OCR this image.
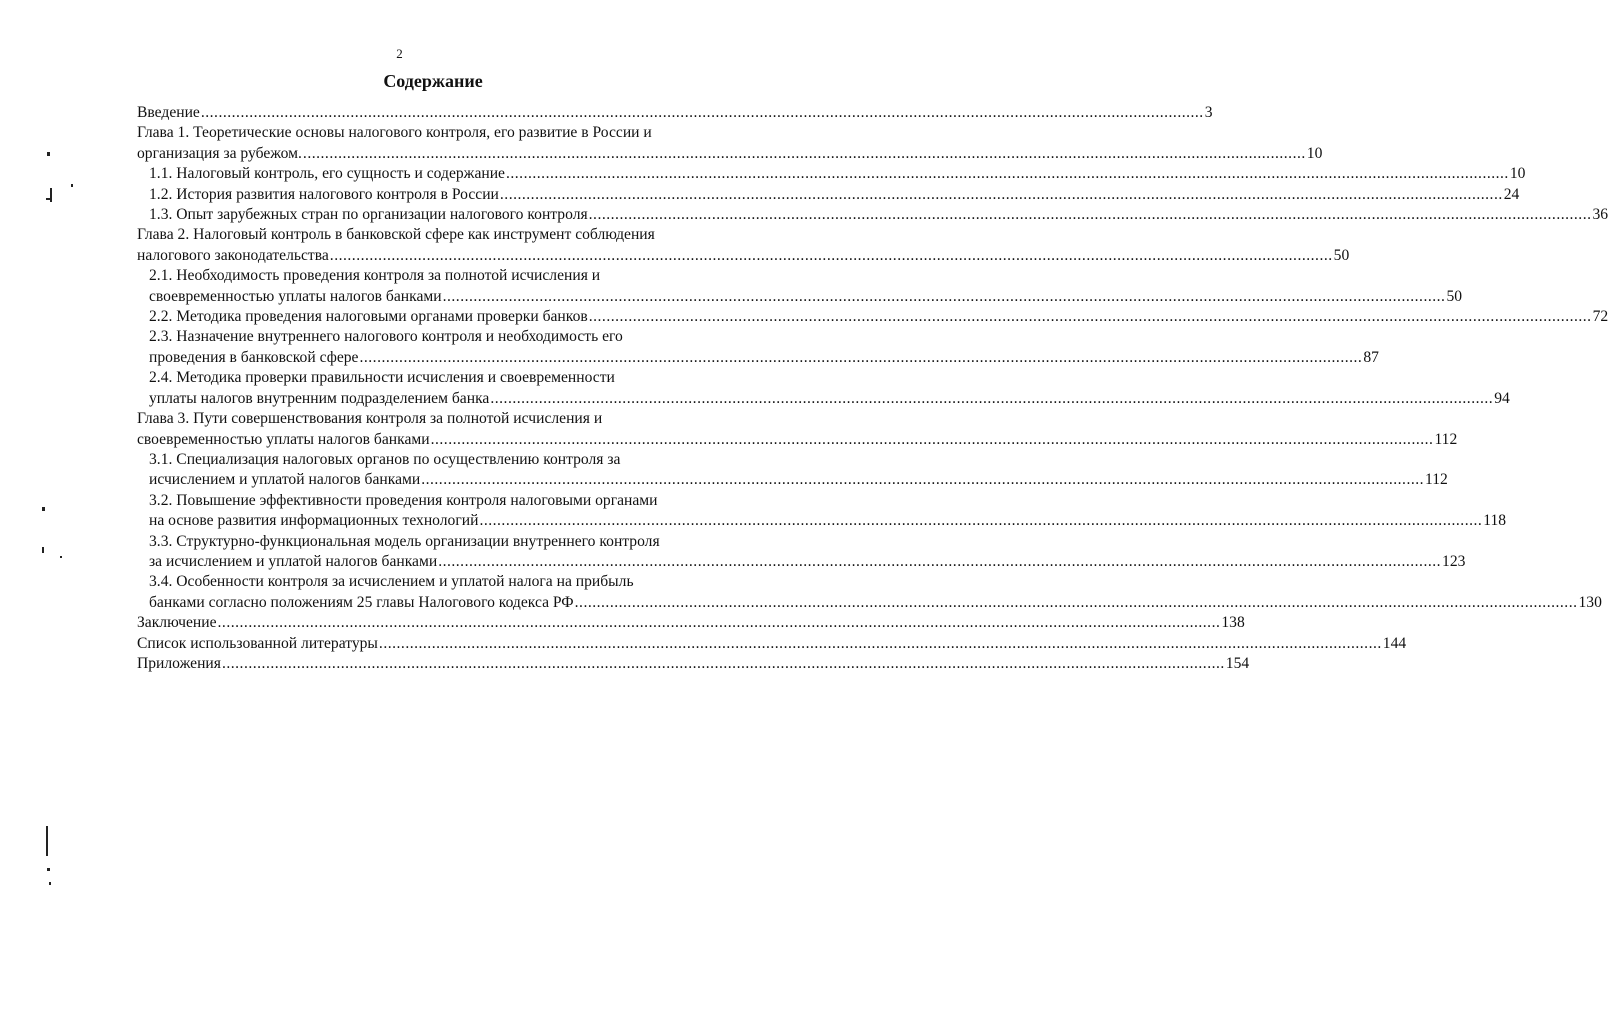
2
Содержание
Введение .................................................................................................................................................................................................................................... 3
Глава 1. Теоретические основы налогового контроля, его развитие в России и
организация за рубежом. .................................................................................................................................................................................................................................... 10
1.1. Налоговый контроль, его сущность и содержание .................................................................................................................................................................................................................................... 10
1.2. История развития налогового контроля в России .................................................................................................................................................................................................................................... 24
1.3. Опыт зарубежных стран по организации налогового контроля .................................................................................................................................................................................................................................... 36
Глава 2. Налоговый контроль в банковской сфере как инструмент соблюдения
налогового законодательства .................................................................................................................................................................................................................................... 50
2.1. Необходимость проведения контроля за полнотой исчисления и
своевременностью уплаты налогов банками .................................................................................................................................................................................................................................... 50
2.2. Методика проведения налоговыми органами проверки банков .................................................................................................................................................................................................................................... 72
2.3. Назначение внутреннего налогового контроля и необходимость его
проведения в банковской сфере .................................................................................................................................................................................................................................... 87
2.4. Методика проверки правильности исчисления и своевременности
уплаты налогов внутренним подразделением банка .................................................................................................................................................................................................................................... 94
Глава 3. Пути совершенствования контроля за полнотой исчисления и
своевременностью уплаты налогов банками .................................................................................................................................................................................................................................... 112
3.1. Специализация налоговых органов по осуществлению контроля за
исчислением и уплатой налогов банками .................................................................................................................................................................................................................................... 112
3.2. Повышение эффективности проведения контроля налоговыми органами
на основе развития информационных технологий .................................................................................................................................................................................................................................... 118
3.3. Структурно-функциональная модель организации внутреннего контроля
за исчислением и уплатой налогов банками .................................................................................................................................................................................................................................... 123
3.4. Особенности контроля за исчислением и уплатой налога на прибыль
банками согласно положениям 25 главы Налогового кодекса РФ .................................................................................................................................................................................................................................... 130
Заключение .................................................................................................................................................................................................................................... 138
Список использованной литературы .................................................................................................................................................................................................................................... 144
Приложения .................................................................................................................................................................................................................................... 154
